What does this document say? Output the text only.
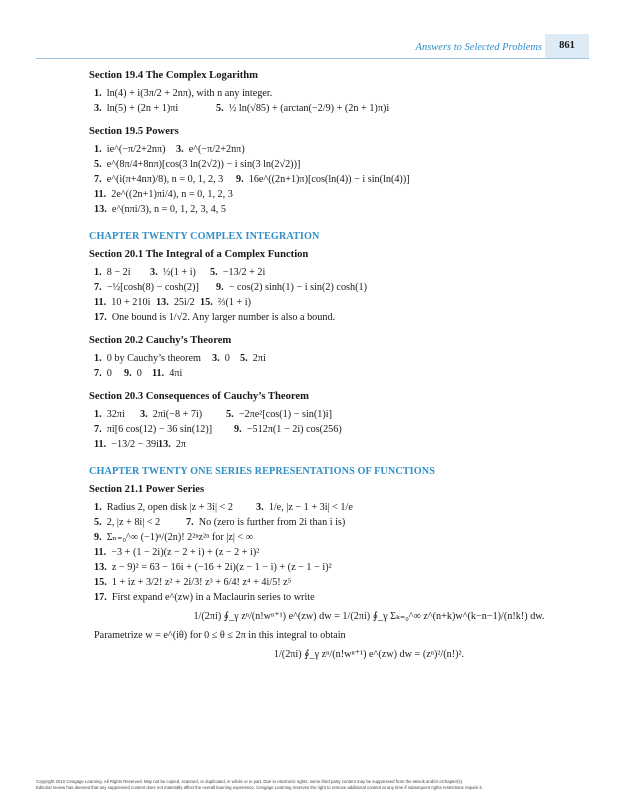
Answers to Selected Problems	861
Section 19.4 The Complex Logarithm
1. ln(4) + i(3π/2 + 2nπ), with n any integer.
3. ln(5) + (2n + 1)πi	5. ½ ln(√85) + (arctan(−2/9) + (2n + 1)π)i
Section 19.5 Powers
1. ie^(−π/2+2nπ)	3. e^(−π/2+2nπ)
5. e^(8π/4+8nπ)[cos(3 ln(2√2)) − i sin(3 ln(2√2))]
7. e^(i(π+4nπ)/8), n = 0, 1, 2, 3	9. 16e^((2n+1)π)[cos(ln(4)) − i sin(ln(4))]
11. 2e^((2n+1)πi/4), n = 0, 1, 2, 3
13. e^(nπi/3), n = 0, 1, 2, 3, 4, 5
CHAPTER TWENTY COMPLEX INTEGRATION
Section 20.1 The Integral of a Complex Function
1. 8 − 2i	3. ½(1 + i)	5. −13/2 + 2i
7. −½[cosh(8) − cosh(2)]	9. − cos(2) sinh(1) − i sin(2) cosh(1)
11. 10 + 210i 13. 25i/2 15. ⅔(1 + i)
17. One bound is 1/√2. Any larger number is also a bound.
Section 20.2 Cauchy’s Theorem
1. 0 by Cauchy’s theorem	3. 0 5. 2πi
7. 0	9. 0 11. 4πi
Section 20.3 Consequences of Cauchy’s Theorem
1. 32πi	3. 2πi(−8 + 7i)	5. −2πe²[cos(1) − sin(1)i]
7. πi[6 cos(12) − 36 sin(12)]	9. −512π(1 − 2i) cos(256)
11. −13/2 − 39i 13. 2π
CHAPTER TWENTY ONE SERIES REPRESENTATIONS OF FUNCTIONS
Section 21.1 Power Series
1. Radius 2, open disk |z + 3i| < 2	3. 1/e, |z − 1 + 3i| < 1/e
5. 2, |z + 8i| < 2	7. No (zero is further from 2i than i is)
9. Σₙ₌₀^∞ (−1)ⁿ/(2n)! 2²ⁿz²ⁿ for |z| < ∞
11. −3 + (1 − 2i)(z − 2 + i) + (z − 2 + i)²
13. z − 9)² = 63 − 16i + (−16 + 2i)(z − 1 − i) + (z − 1 − i)²
15. 1 + iz + 3/2! z² + 2i/3! z³ + 6/4! z⁴ + 4i/5! z⁵
17. First expand e^(zw) in a Maclaurin series to write
1/(2πi) ∮_γ zⁿ/(n!wⁿ⁺¹) e^(zw) dw = 1/(2πi) ∮_γ Σₖ₌₀^∞ z^(n+k)w^(k−n−1)/(n!k!) dw.
Parametrize w = e^(iθ) for 0 ≤ θ ≤ 2π in this integral to obtain
1/(2πi) ∮_γ zⁿ/(n!wⁿ⁺¹) e^(zw) dw = (zⁿ)²/(n!)².
Copyright 2010 Cengage Learning. All Rights Reserved. May not be copied, scanned, or duplicated, in whole or in part. Due to electronic rights, some third party content may be suppressed from the eBook and/or eChapter(s).
Editorial review has deemed that any suppressed content does not materially affect the overall learning experience. Cengage Learning reserves the right to remove additional content at any time if subsequent rights restrictions require it.
